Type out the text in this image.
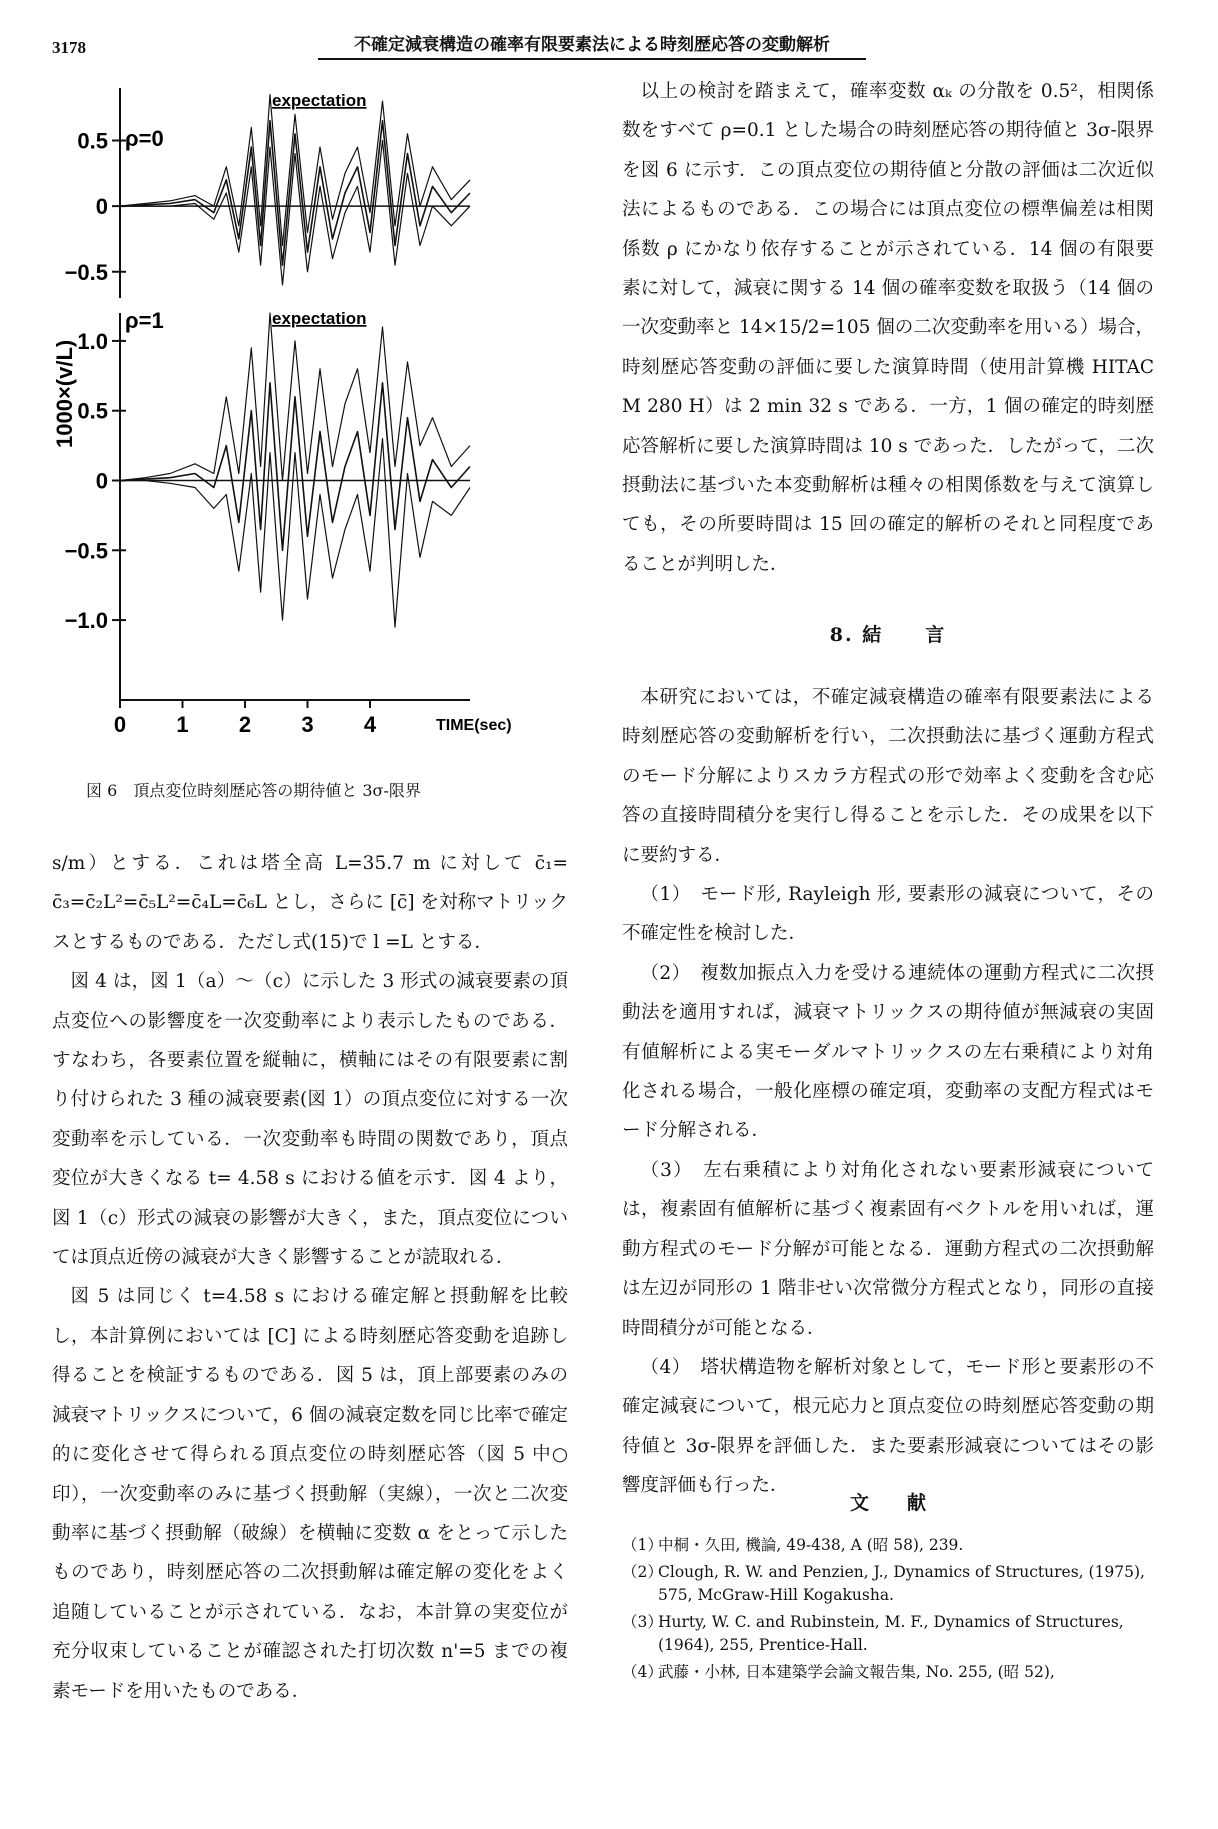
3178	不確定減衰構造の確率有限要素法による時刻歴応答の変動解析
ρ=0
expectation
ρ=1	expectation
1000×(v/L)
TIME(sec)
0.5
0
−0.5
1.0
0.5
0
−0.5
−1.0
0 1 2 3 4
図 6　頂点変位時刻歴応答の期待値と 3σ-限界

以上の検討を踏まえて，確率変数 αₖ の分散を 0.5²，相関係数をすべて ρ=0.1 とした場合の時刻歴応答の期待値と 3σ-限界を図 6 に示す．この頂点変位の期待値と分散の評価は二次近似法によるものである．この場合には頂点変位の標準偏差は相関係数 ρ にかなり依存することが示されている．14 個の有限要素に対して，減衰に関する 14 個の確率変数を取扱う（14 個の一次変動率と 14×15/2=105 個の二次変動率を用いる）場合，時刻歴応答変動の評価に要した演算時間（使用計算機 HITAC M 280 H）は 2 min 32 s である．一方，1 個の確定的時刻歴応答解析に要した演算時間は 10 s であった．したがって，二次摂動法に基づいた本変動解析は種々の相関係数を与えて演算しても，その所要時間は 15 回の確定的解析のそれと同程度であることが判明した．

8. 結　　言

本研究においては，不確定減衰構造の確率有限要素法による時刻歴応答の変動解析を行い，二次摂動法に基づく運動方程式のモード分解によりスカラ方程式の形で効率よく変動を含む応答の直接時間積分を実行し得ることを示した．その成果を以下に要約する．

（1）　モード形, Rayleigh 形, 要素形の減衰について，その不確定性を検討した．

（2）　複数加振点入力を受ける連続体の運動方程式に二次摂動法を適用すれば，減衰マトリックスの期待値が無減衰の実固有値解析による実モーダルマトリックスの左右乗積により対角化される場合，一般化座標の確定項，変動率の支配方程式はモード分解される．

（3）　左右乗積により対角化されない要素形減衰については，複素固有値解析に基づく複素固有ベクトルを用いれば，運動方程式のモード分解が可能となる．運動方程式の二次摂動解は左辺が同形の 1 階非せい次常微分方程式となり，同形の直接時間積分が可能となる．

（4）　塔状構造物を解析対象として，モード形と要素形の不確定減衰について，根元応力と頂点変位の時刻歴応答変動の期待値と 3σ-限界を評価した．また要素形減衰についてはその影響度評価も行った．

文　　献
（1）
中桐・久田, 機論, 49-438, A (昭 58), 239.
（2）
Clough, R. W. and Penzien, J., Dynamics of Structures, (1975), 575, McGraw-Hill Kogakusha.
（3）
Hurty, W. C. and Rubinstein, M. F., Dynamics of Structures, (1964), 255, Prentice-Hall.
（4）
武藤・小林, 日本建築学会論文報告集, No. 255, (昭 52),

s/m）とする．これは塔全高 L=35.7 m に対して c̄₁= c̄₃=c̄₂L²=c̄₅L²=c̄₄L=c̄₆L とし，さらに [c̄] を対称マトリックスとするものである．ただし式(15)で l =L とする．

図 4 は，図 1（a）～（c）に示した 3 形式の減衰要素の頂点変位への影響度を一次変動率により表示したものである．すなわち，各要素位置を縦軸に，横軸にはその有限要素に割り付けられた 3 種の減衰要素(図 1）の頂点変位に対する一次変動率を示している．一次変動率も時間の関数であり，頂点変位が大きくなる t= 4.58 s における値を示す．図 4 より，図 1（c）形式の減衰の影響が大きく，また，頂点変位については頂点近傍の減衰が大きく影響することが読取れる．

図 5 は同じく t=4.58 s における確定解と摂動解を比較し，本計算例においては [C] による時刻歴応答変動を追跡し得ることを検証するものである．図 5 は，頂上部要素のみの減衰マトリックスについて，6 個の減衰定数を同じ比率で確定的に変化させて得られる頂点変位の時刻歴応答（図 5 中○印），一次変動率のみに基づく摂動解（実線），一次と二次変動率に基づく摂動解（破線）を横軸に変数 α をとって示したものであり，時刻歴応答の二次摂動解は確定解の変化をよく追随していることが示されている．なお，本計算の実変位が充分収束していることが確認された打切次数 n'=5 までの複素モードを用いたものである．
